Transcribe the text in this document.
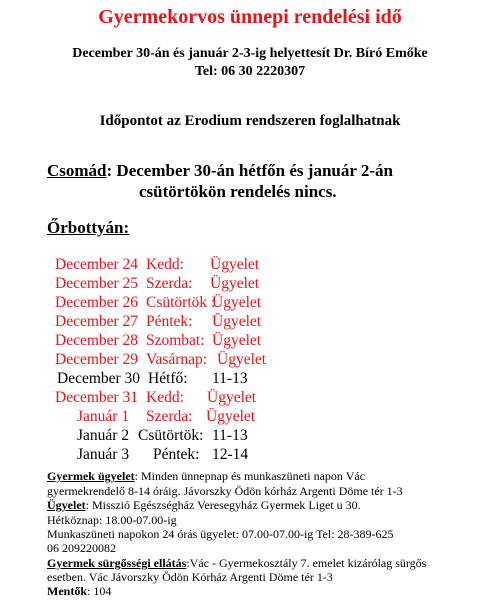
Gyermekorvos ünnepi rendelési idő
December 30-án és január 2-3-ig helyettesít Dr. Bíró Emőke
Tel: 06 30 2220307
Időpontot az Erodium rendszeren foglalhatnak
Csomád: December 30-án hétfőn és január 2-án
csütörtökön rendelés nincs.
Őrbottyán:
December 24 Kedd: Ügyelet
December 25 Szerda: Ügyelet
December 26 Csütörtök :
Ügyelet
December 27 Péntek: Ügyelet
December 28 Szombat: Ügyelet
December 29 Vasárnap: Ügyelet
December 30 Hétfő: 11-13
December 31 Kedd: Ügyelet
Január 1 Szerda: Ügyelet
Január 2 Csütörtök: 11-13
Január 3 Péntek: 12-14
Gyermek ügyelet: Minden ünnepnap és munkaszüneti napon Vác
gyermekrendelő 8-14 óráig. Jávorszky Ödön kórház Argenti Döme tér 1-3
Ügyelet: Misszió Egészségház Veresegyház Gyermek Liget u 30.
Hétköznap: 18.00-07.00-ig
Munkaszüneti napokon 24 órás ügyelet: 07.00-07.00-ig Tel: 28-389-625
06 209220082
Gyermek sürgősségi ellátás:Vác - Gyermekosztály 7. emelet kizárólag sürgős
esetben. Vác Jávorszky Ödön Kórház Argenti Döme tér 1-3
Mentők: 104
